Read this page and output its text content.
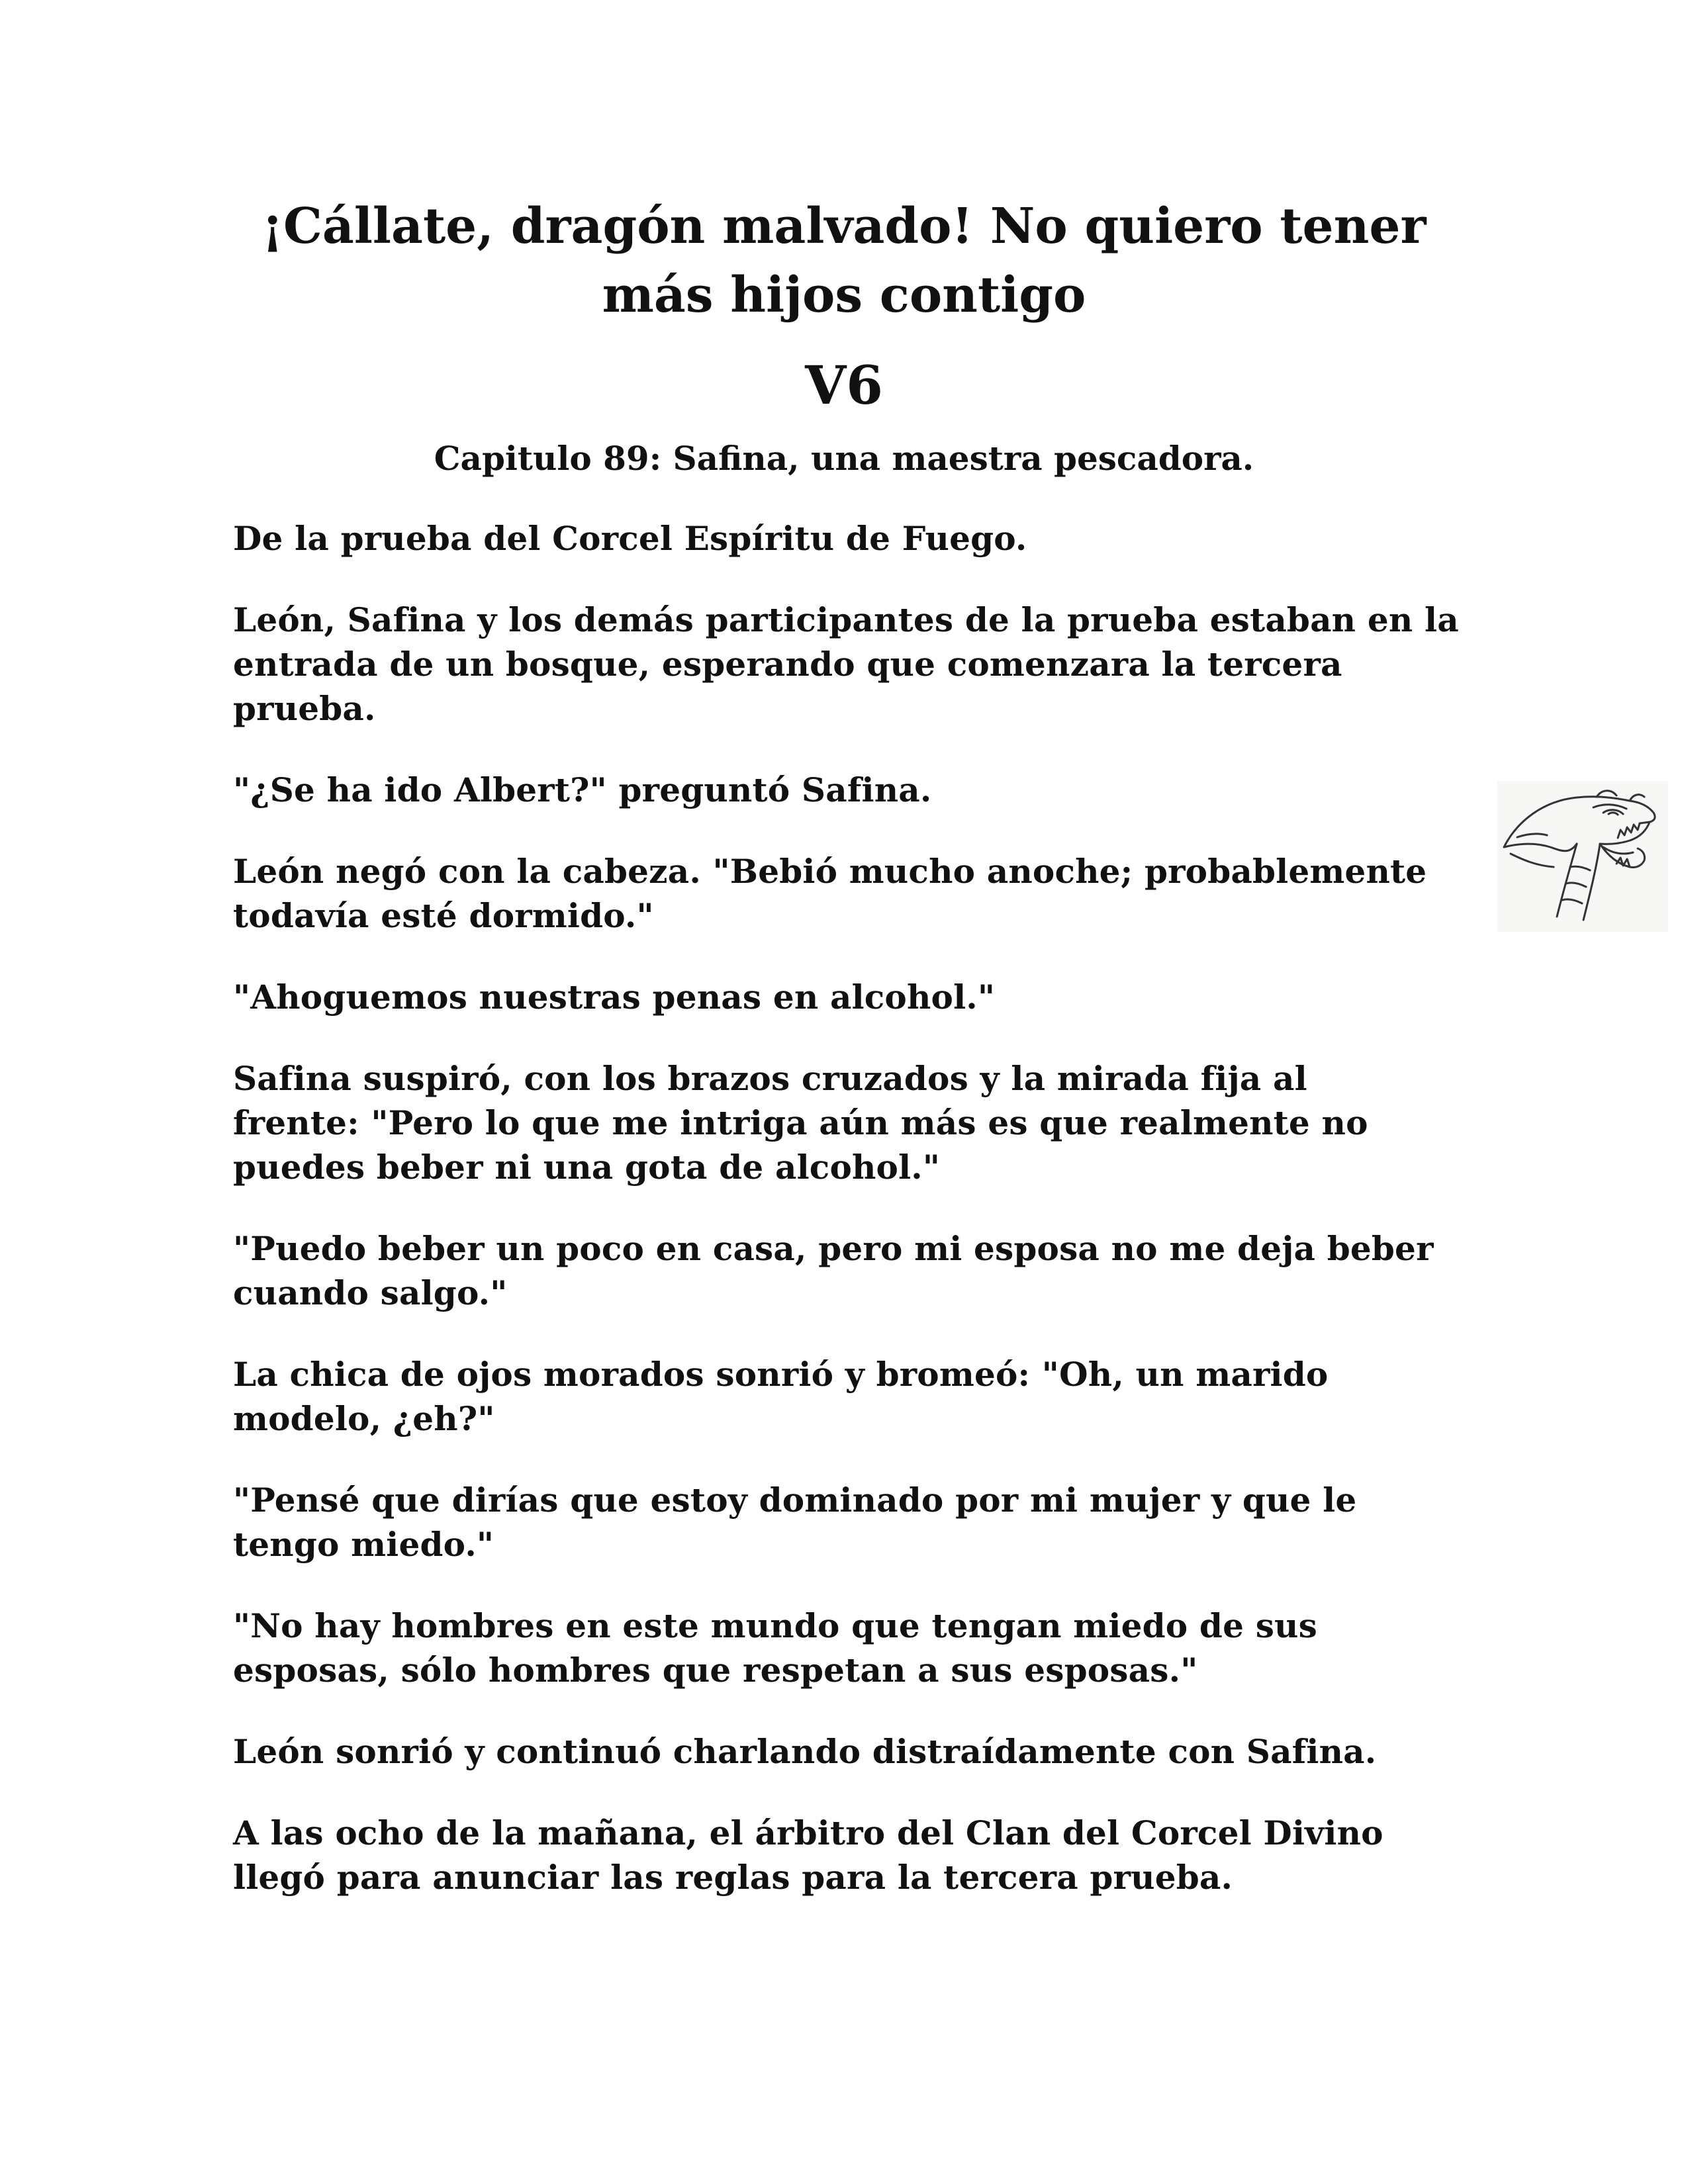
¡Cállate, dragón malvado! No quiero tener más hijos contigo
V6
Capitulo 89: Safina, una maestra pescadora.

De la prueba del Corcel Espíritu de Fuego.

León, Safina y los demás participantes de la prueba estaban en la entrada de un bosque, esperando que comenzara la tercera prueba.

"¿Se ha ido Albert?" preguntó Safina.

León negó con la cabeza. "Bebió mucho anoche; probablemente todavía esté dormido."

"Ahoguemos nuestras penas en alcohol."

Safina suspiró, con los brazos cruzados y la mirada fija al frente: "Pero lo que me intriga aún más es que realmente no puedes beber ni una gota de alcohol."

"Puedo beber un poco en casa, pero mi esposa no me deja beber cuando salgo."

La chica de ojos morados sonrió y bromeó: "Oh, un marido modelo, ¿eh?"

"Pensé que dirías que estoy dominado por mi mujer y que le tengo miedo."

"No hay hombres en este mundo que tengan miedo de sus esposas, sólo hombres que respetan a sus esposas."

León sonrió y continuó charlando distraídamente con Safina.

A las ocho de la mañana, el árbitro del Clan del Corcel Divino llegó para anunciar las reglas para la tercera prueba.
